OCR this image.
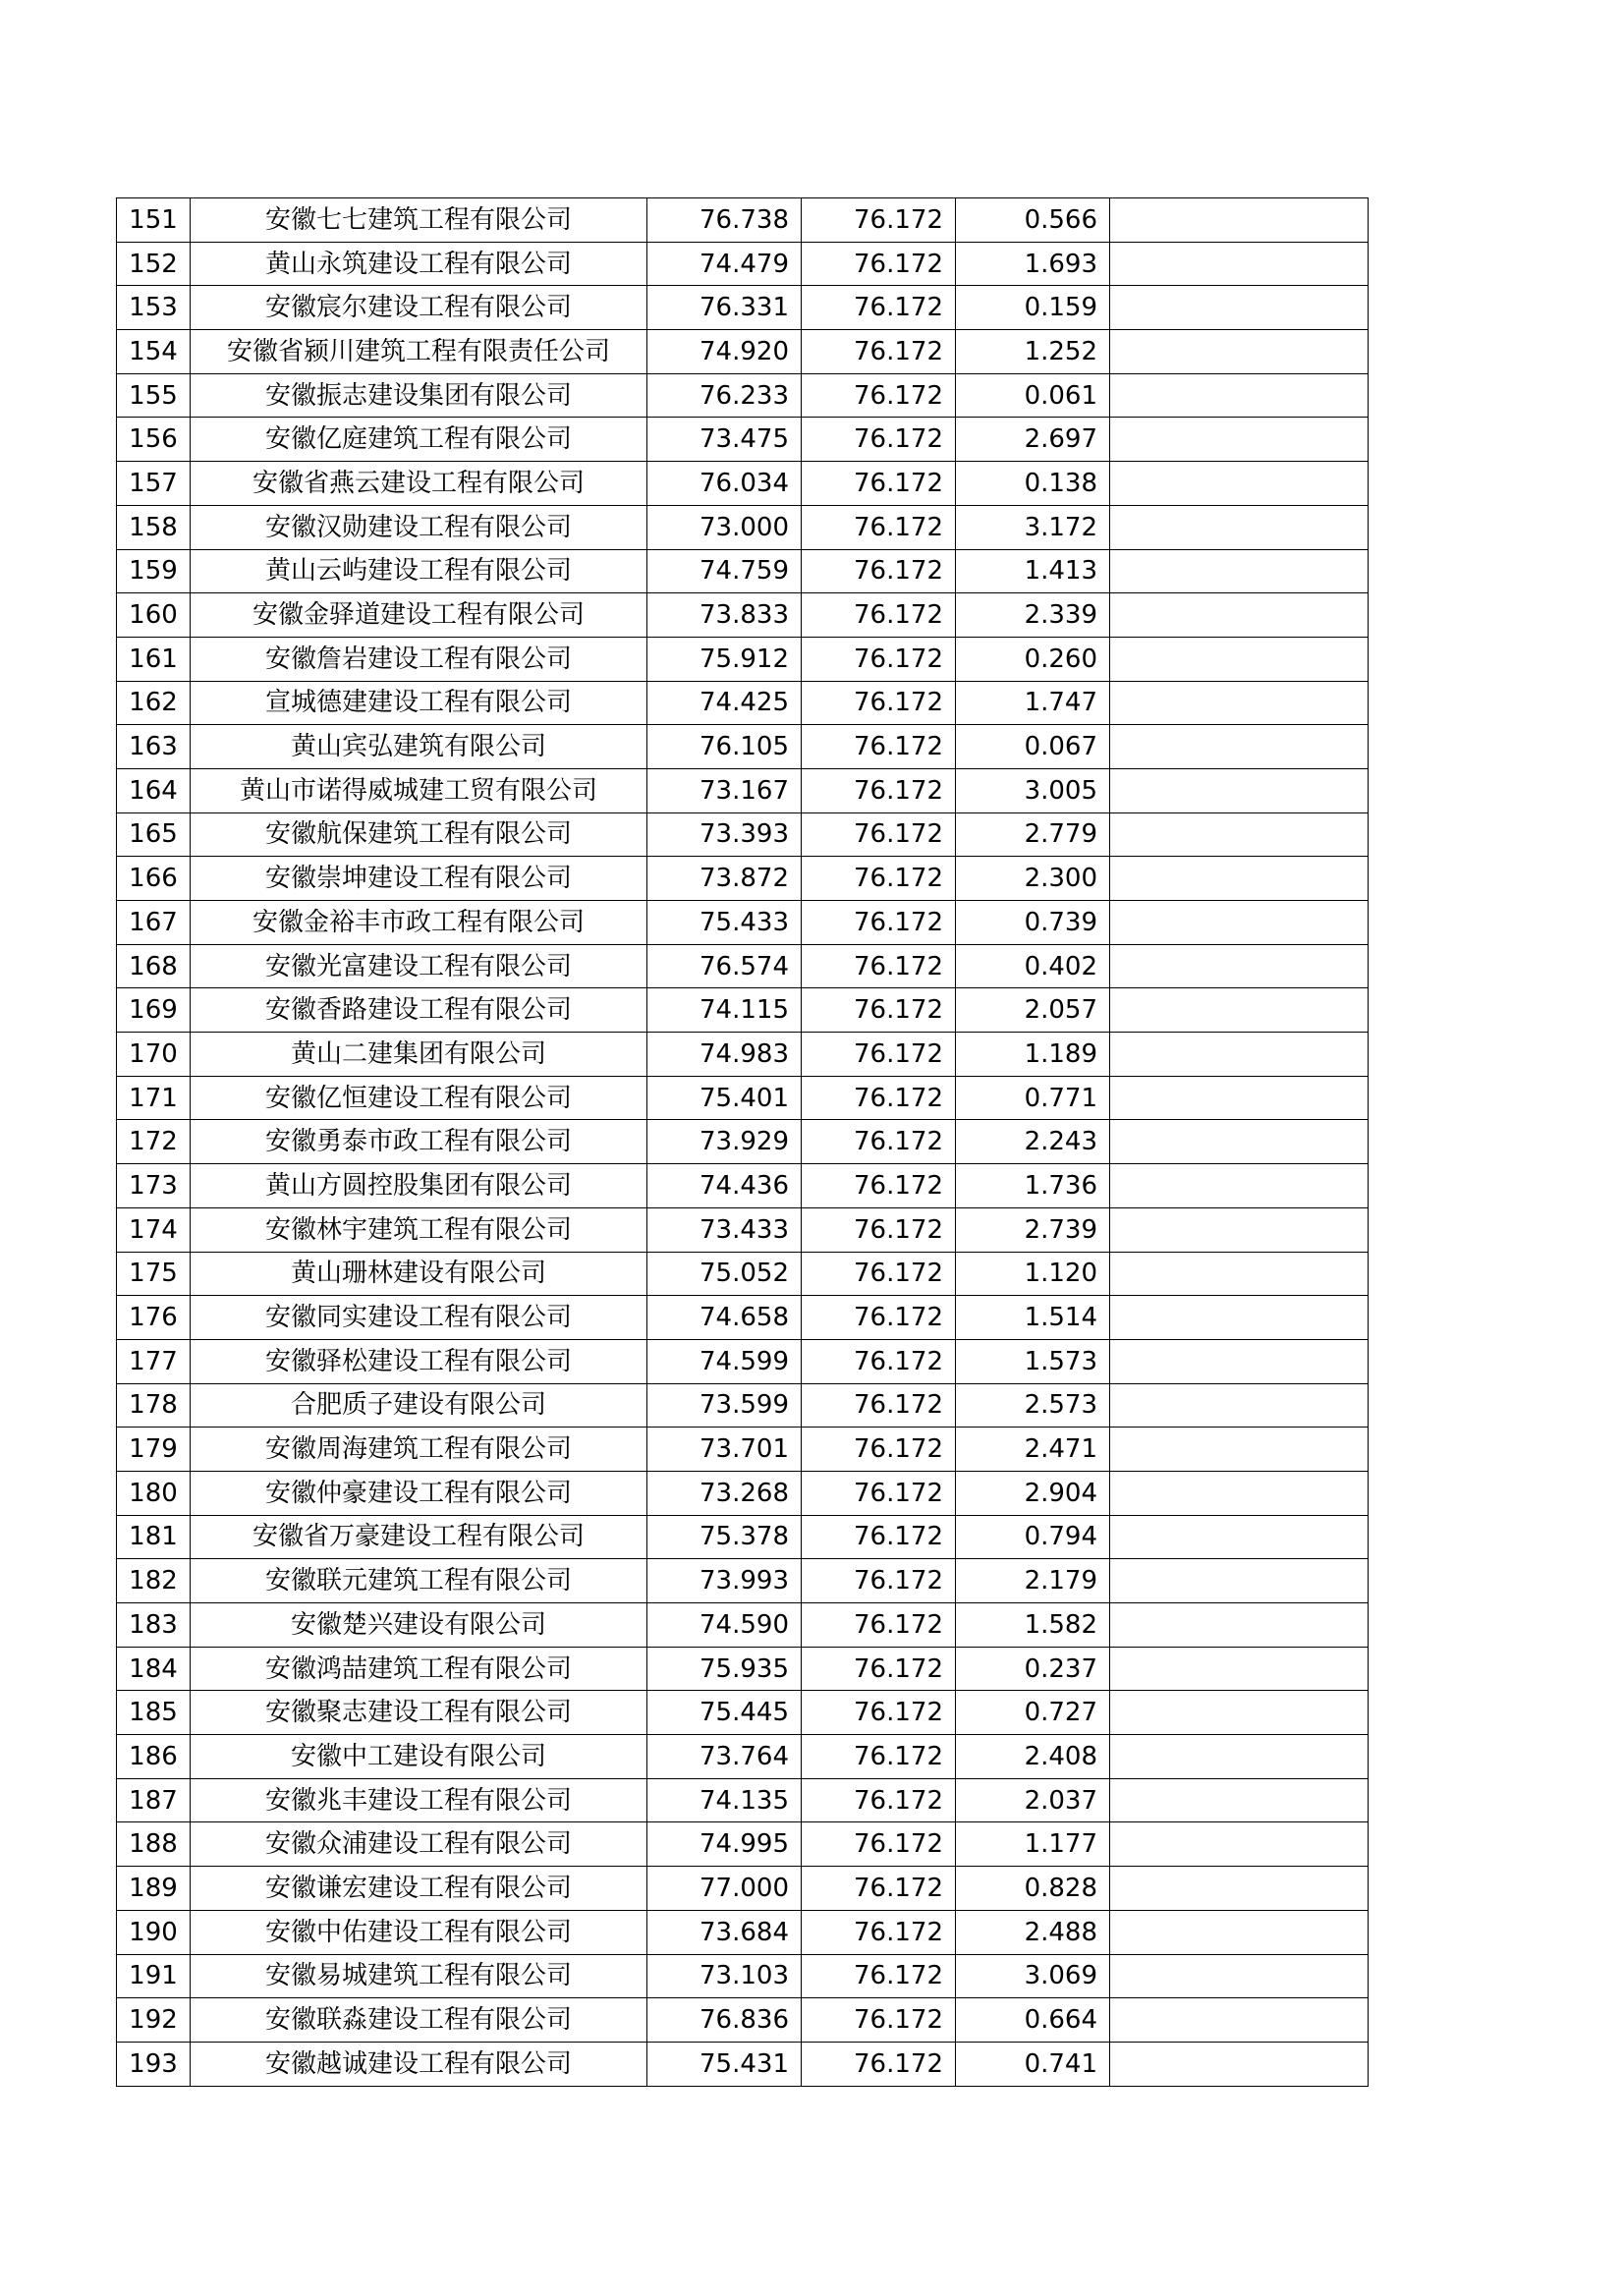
151	安徽七七建筑工程有限公司	76.738	76.172	0.566	
152	黄山永筑建设工程有限公司	74.479	76.172	1.693	
153	安徽宸尔建设工程有限公司	76.331	76.172	0.159	
154	安徽省颍川建筑工程有限责任公司	74.920	76.172	1.252	
155	安徽振志建设集团有限公司	76.233	76.172	0.061	
156	安徽亿庭建筑工程有限公司	73.475	76.172	2.697	
157	安徽省燕云建设工程有限公司	76.034	76.172	0.138	
158	安徽汉勋建设工程有限公司	73.000	76.172	3.172	
159	黄山云屿建设工程有限公司	74.759	76.172	1.413	
160	安徽金驿道建设工程有限公司	73.833	76.172	2.339	
161	安徽詹岩建设工程有限公司	75.912	76.172	0.260	
162	宣城德建建设工程有限公司	74.425	76.172	1.747	
163	黄山宾弘建筑有限公司	76.105	76.172	0.067	
164	黄山市诺得威城建工贸有限公司	73.167	76.172	3.005	
165	安徽航保建筑工程有限公司	73.393	76.172	2.779	
166	安徽崇坤建设工程有限公司	73.872	76.172	2.300	
167	安徽金裕丰市政工程有限公司	75.433	76.172	0.739	
168	安徽光富建设工程有限公司	76.574	76.172	0.402	
169	安徽香路建设工程有限公司	74.115	76.172	2.057	
170	黄山二建集团有限公司	74.983	76.172	1.189	
171	安徽亿恒建设工程有限公司	75.401	76.172	0.771	
172	安徽勇泰市政工程有限公司	73.929	76.172	2.243	
173	黄山方圆控股集团有限公司	74.436	76.172	1.736	
174	安徽林宇建筑工程有限公司	73.433	76.172	2.739	
175	黄山珊林建设有限公司	75.052	76.172	1.120	
176	安徽同实建设工程有限公司	74.658	76.172	1.514	
177	安徽驿松建设工程有限公司	74.599	76.172	1.573	
178	合肥质子建设有限公司	73.599	76.172	2.573	
179	安徽周海建筑工程有限公司	73.701	76.172	2.471	
180	安徽仲豪建设工程有限公司	73.268	76.172	2.904	
181	安徽省万豪建设工程有限公司	75.378	76.172	0.794	
182	安徽联元建筑工程有限公司	73.993	76.172	2.179	
183	安徽楚兴建设有限公司	74.590	76.172	1.582	
184	安徽鸿喆建筑工程有限公司	75.935	76.172	0.237	
185	安徽聚志建设工程有限公司	75.445	76.172	0.727	
186	安徽中工建设有限公司	73.764	76.172	2.408	
187	安徽兆丰建设工程有限公司	74.135	76.172	2.037	
188	安徽众浦建设工程有限公司	74.995	76.172	1.177	
189	安徽谦宏建设工程有限公司	77.000	76.172	0.828	
190	安徽中佑建设工程有限公司	73.684	76.172	2.488	
191	安徽易城建筑工程有限公司	73.103	76.172	3.069	
192	安徽联淼建设工程有限公司	76.836	76.172	0.664	
193	安徽越诚建设工程有限公司	75.431	76.172	0.741	
